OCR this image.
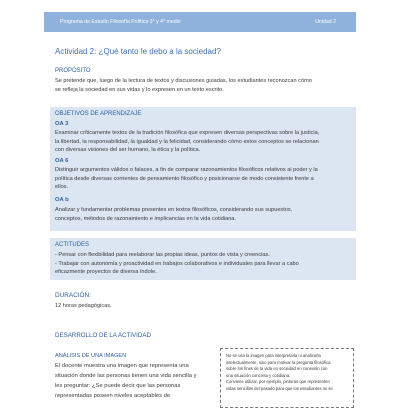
Programa de Estudio Filosofía Política 3° y 4° medio	Unidad 2
Actividad 2: ¿Qué tanto le debo a la sociedad?
PROPÓSITO
Se pretende que, luego de la lectura de textos y discusiones guiadas, los estudiantes reconozcan cómo
se refleja la sociedad en sus vidas y lo expresen en un texto escrito.
OBJETIVOS DE APRENDIZAJE
OA 3
Examinar críticamente textos de la tradición filosófica que expresen diversas perspectivas sobre la justicia,
la libertad, la responsabilidad, la igualdad y la felicidad, considerando cómo estos conceptos se relacionan
con diversas visiones del ser humano, la ética y la política.
OA 6
Distinguir argumentos válidos o falaces, a fin de comparar razonamientos filosóficos relativos al poder y la
política desde diversas corrientes de pensamiento filosófico y posicionarse de modo consistente frente a
ellos.
OA b
Analizar y fundamentar problemas presentes en textos filosóficos, considerando sus supuestos,
conceptos, métodos de razonamiento e implicancias en la vida cotidiana.
ACTITUDES
- Pensar con flexibilidad para reelaborar las propias ideas, puntos de vista y creencias.
- Trabajar con autonomía y proactividad en trabajos colaborativos e individuales para llevar a cabo
eficazmente proyectos de diversa índole.
DURACIÓN:
12 horas pedagógicas.
DESARROLLO DE LA ACTIVIDAD
ANÁLISIS DE UNA IMAGEN
El docente muestra una imagen que representa una
situación donde las personas tienen una vida sencilla y
les preguntar: ¿Se puede decir que las personas
representadas poseen niveles aceptables de
No se usa la imagen para interpretarla ni analizarla
intelectualmente, sino para motivar la pregunta filosófica
sobre los fines de la vida en sociedad en conexión con
una situación concreta y cotidiana.
Conviene utilizar, por ejemplo, pinturas que representen
vidas sencillas del pasado para que los estudiantes no se
